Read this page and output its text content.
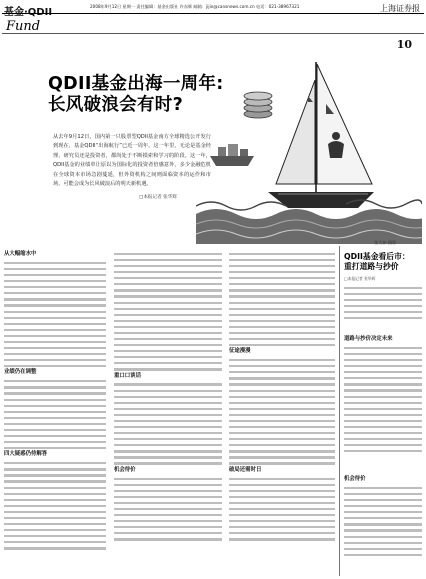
基金·QDII
2008年9月12日 星期一 责任编辑：基金出版社 许东辉 邮箱：jijin@cansnews.com.cn 电话：021-38967321	上海证券报
Fund
10
QDII基金出海一周年:
长风破浪会有时?
从去年9月12日，国内第一只股票型QDII基金南方全球精选公开发行到现在，基金QDII“出海航行”已近一周年。这一年里，无论是基金经理、研究员还是投资者，都尚处于不断摸索和学习的阶段。这一年，QDII基金的业绩单让原以为国际化的投资者倍感意外，多少金融危机在全球资本市场急剧蔓延，但外资机构之间则面临资本的运作和市场，可能会成为长风破浪后的明天新机遇。
□本报记者 张华辉
张大伟 摄影
从大幅缩水中
业绩仍在调整
四大疑惑仍待解答
重口口谈话
机会待价
征途漫漫
破局还需时日
QDII基金看后市：
重打道路与抄价
□本报记者 张华辉
道路与抄价决定未来
机会待价
